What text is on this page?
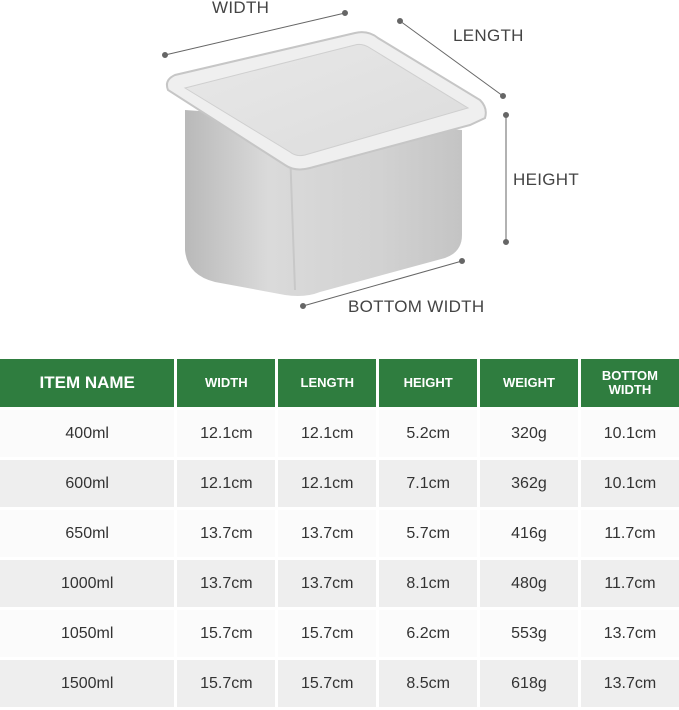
WIDTH
LENGTH
HEIGHT
BOTTOM WIDTH
ITEM NAME	WIDTH	LENGTH	HEIGHT	WEIGHT	BOTTOM WIDTH
400ml	12.1cm	12.1cm	5.2cm	320g	10.1cm
600ml	12.1cm	12.1cm	7.1cm	362g	10.1cm
650ml	13.7cm	13.7cm	5.7cm	416g	11.7cm
1000ml	13.7cm	13.7cm	8.1cm	480g	11.7cm
1050ml	15.7cm	15.7cm	6.2cm	553g	13.7cm
1500ml	15.7cm	15.7cm	8.5cm	618g	13.7cm
